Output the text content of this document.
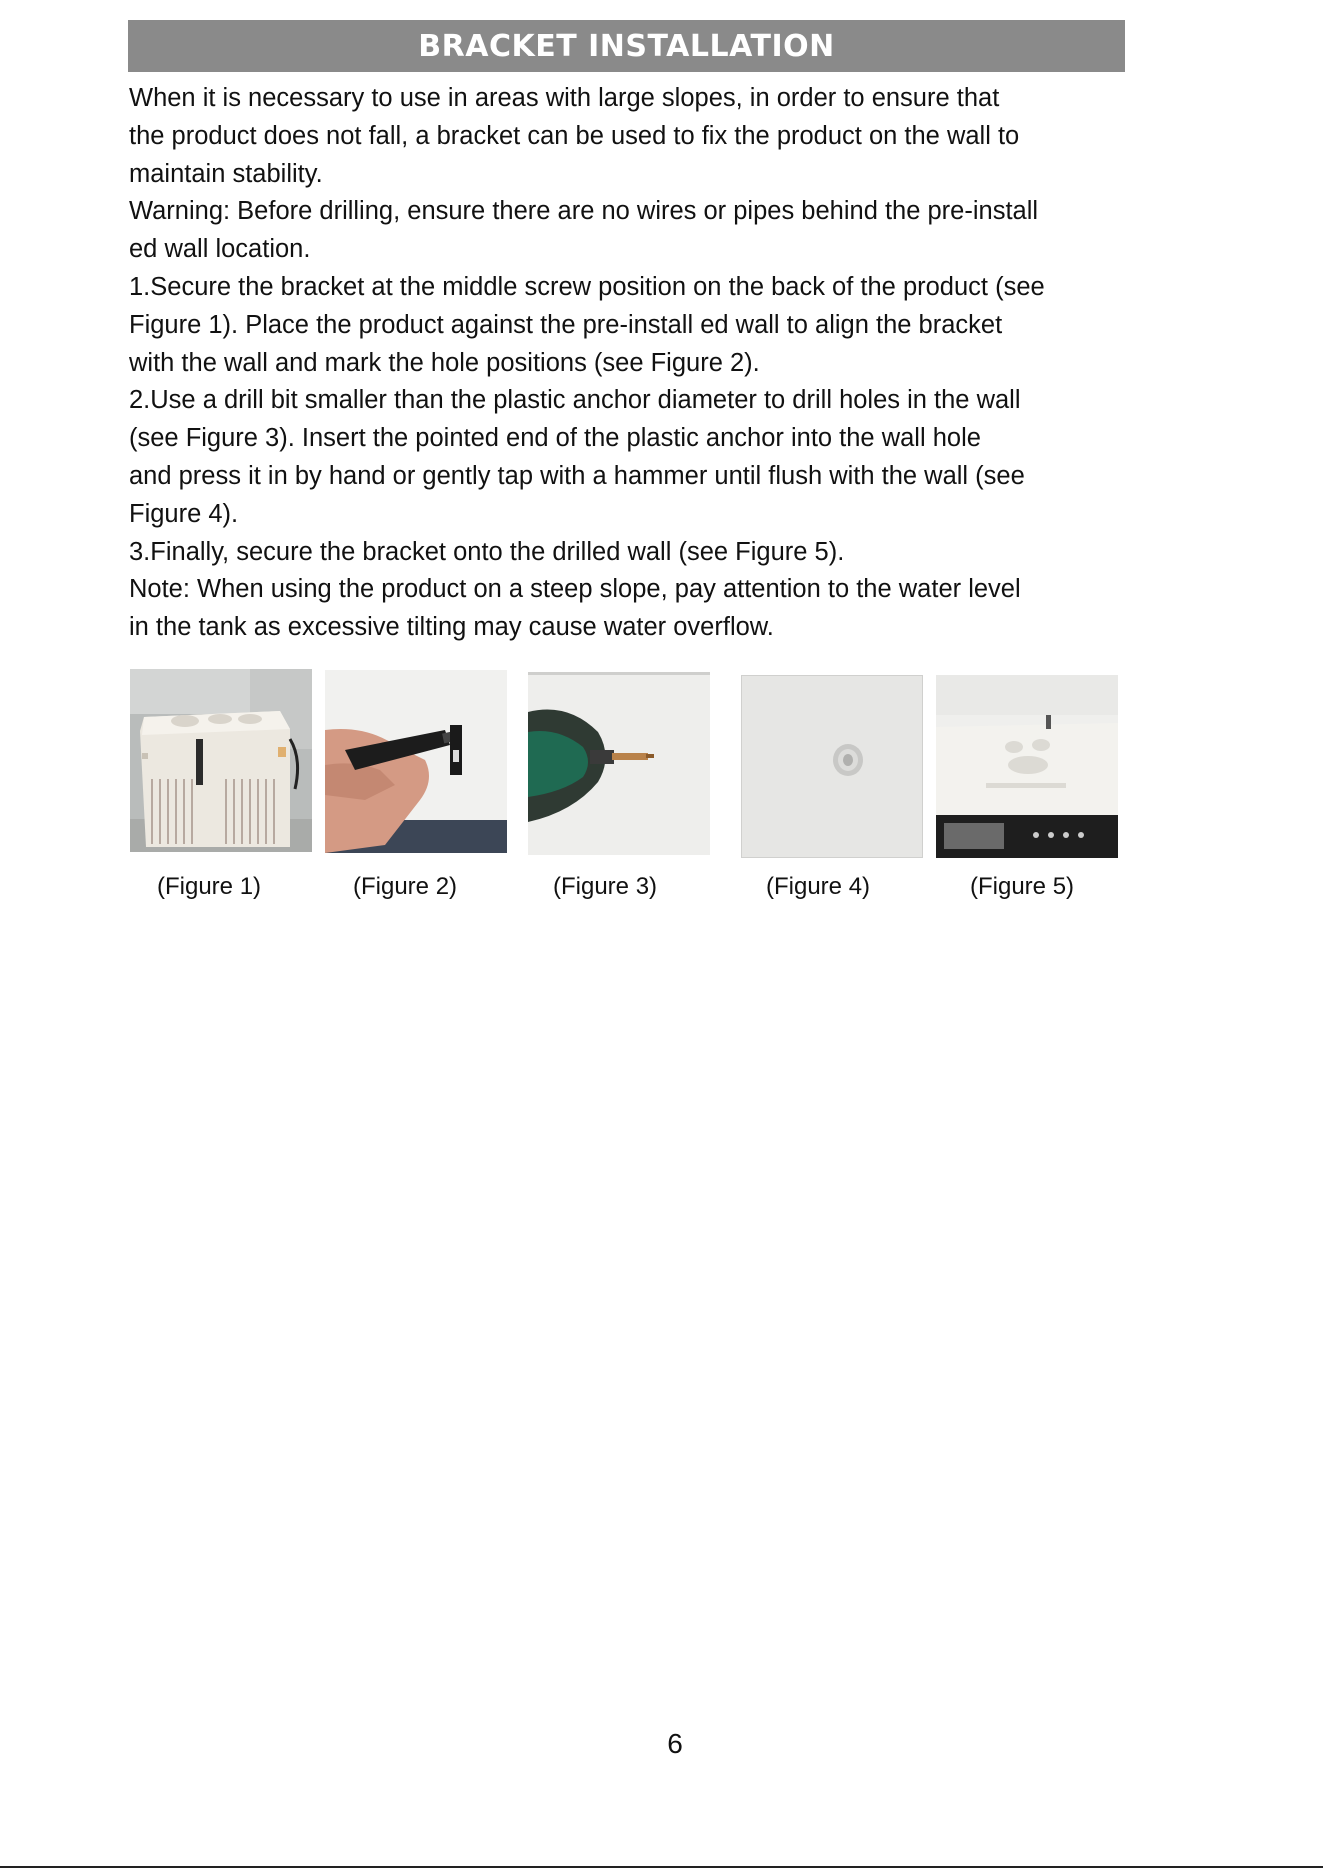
BRACKET INSTALLATION

When it is necessary to use in areas with large slopes, in order to ensure that

the product does not fall, a bracket can be used to fix the product on the wall to

maintain stability.

Warning: Before drilling, ensure there are no wires or pipes behind the pre-install

ed wall location.

1.Secure the bracket at the middle screw position on the back of the product (see

Figure 1). Place the product against the pre-install ed wall to align the bracket

with the wall and mark the hole positions (see Figure 2).

2.Use a drill bit smaller than the plastic anchor diameter to drill holes in the wall

(see Figure 3). Insert the pointed end of the plastic anchor into the wall hole

and press it in by hand or gently tap with a hammer until flush with the wall (see

Figure 4).

3.Finally, secure the bracket onto the drilled wall (see Figure 5).

Note: When using the product on a steep slope, pay attention to the water level

in the tank as excessive tilting may cause water overflow.

(Figure 1)	(Figure 2)	(Figure 3)	(Figure 4)	(Figure 5)
6
